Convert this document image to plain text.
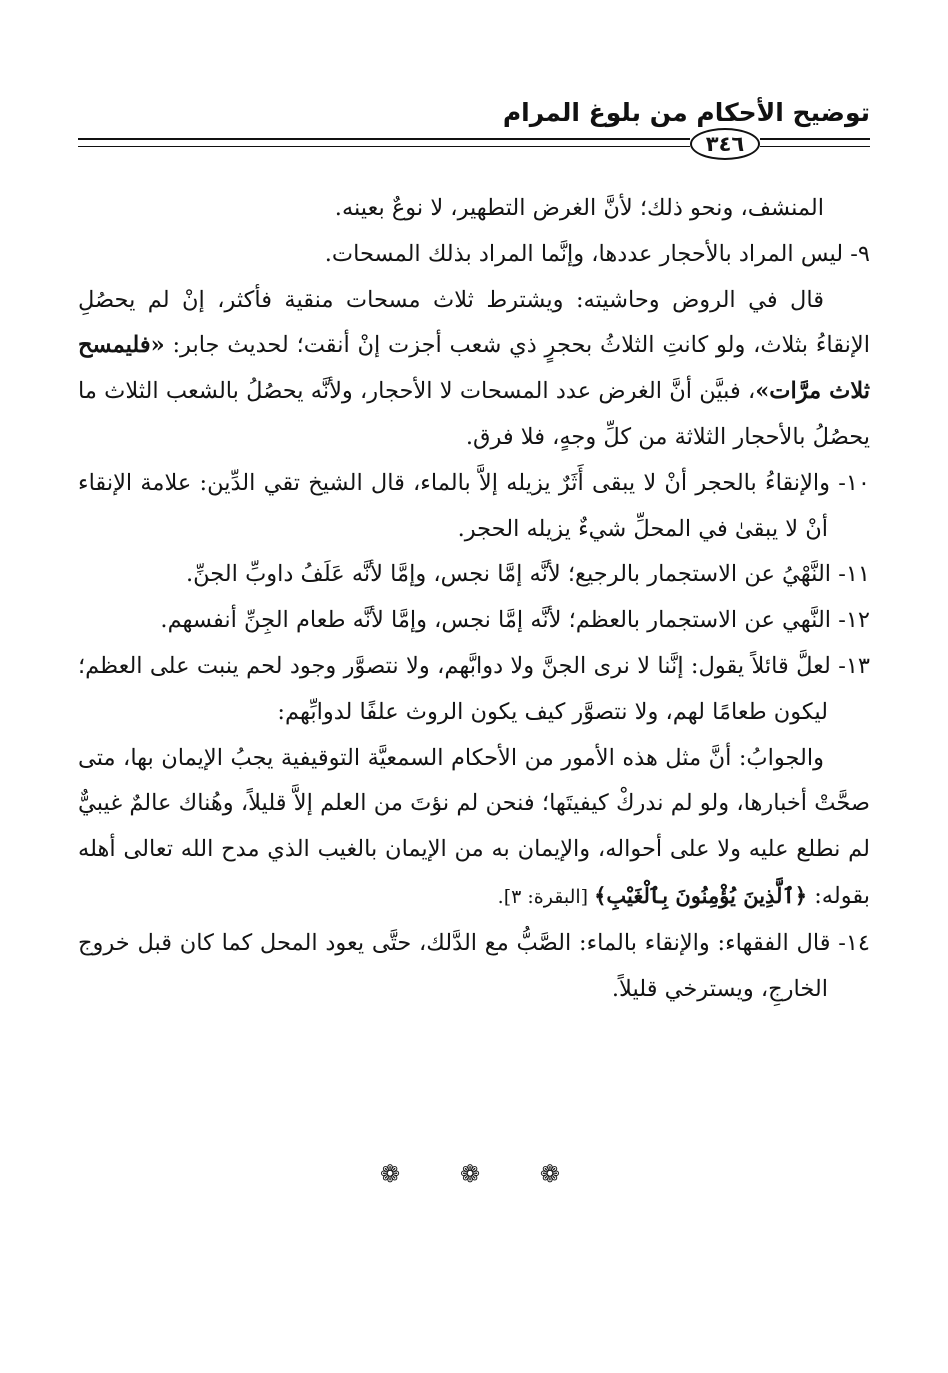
توضيح الأحكام من بلوغ المرام
٣٤٦

المنشف، ونحو ذلك؛ لأنَّ الغرض التطهير، لا نوعٌ بعينه.

٩- ليس المراد بالأحجار عددها، وإنَّما المراد بذلك المسحات.

قال في الروض وحاشيته: ويشترط ثلاث مسحات منقية فأكثر، إنْ لم يحصُلِ الإنقاءُ بثلاث، ولو كانتِ الثلاثُ بحجرٍ ذي شعب أجزت إنْ أنقت؛ لحديث جابر: «فليمسح ثلاث مرَّات»، فبيَّن أنَّ الغرض عدد المسحات لا الأحجار، ولأنَّه يحصُلُ بالشعب الثلاث ما يحصُلُ بالأحجار الثلاثة من كلِّ وجهٍ، فلا فرق.

١٠- والإنقاءُ بالحجر أنْ لا يبقى أَثَرٌ يزيله إلاَّ بالماء، قال الشيخ تقي الدِّين: علامة الإنقاء أنْ لا يبقىٰ في المحلِّ شيءٌ يزيله الحجر.

١١- النَّهْيُ عن الاستجمار بالرجيع؛ لأنَّه إمَّا نجس، وإمَّا لأنَّه عَلَفُ داوبِّ الجنِّ.

١٢- النَّهي عن الاستجمار بالعظم؛ لأنَّه إمَّا نجس، وإمَّا لأنَّه طعام الجِنِّ أنفسهم.

١٣- لعلَّ قائلاً يقول: إنَّنا لا نرى الجنَّ ولا دوابَّهم، ولا نتصوَّر وجود لحم ينبت على العظم؛ ليكون طعامًا لهم، ولا نتصوَّر كيف يكون الروث علفًا لدوابِّهم:

والجوابُ: أنَّ مثل هذه الأمور من الأحكام السمعيَّة التوقيفية يجبُ الإيمان بها، متى صحَّتْ أخبارها، ولو لم ندركْ كيفيتَها؛ فنحن لم نؤتَ من العلم إلاَّ قليلاً، وهُناك عالمٌ غيبيٌّ لم نطلع عليه ولا على أحواله، والإيمان به من الإيمان بالغيب الذي مدح الله تعالى أهله بقوله: ﴿ٱلَّذِينَ يُؤْمِنُونَ بِٱلْغَيْبِ﴾ [البقرة: ٣].

١٤- قال الفقهاء: والإنقاء بالماء: الصَّبُّ مع الدَّلك، حتَّى يعود المحل كما كان قبل خروج الخارجِ، ويسترخي قليلاً.

❁ ❁ ❁
